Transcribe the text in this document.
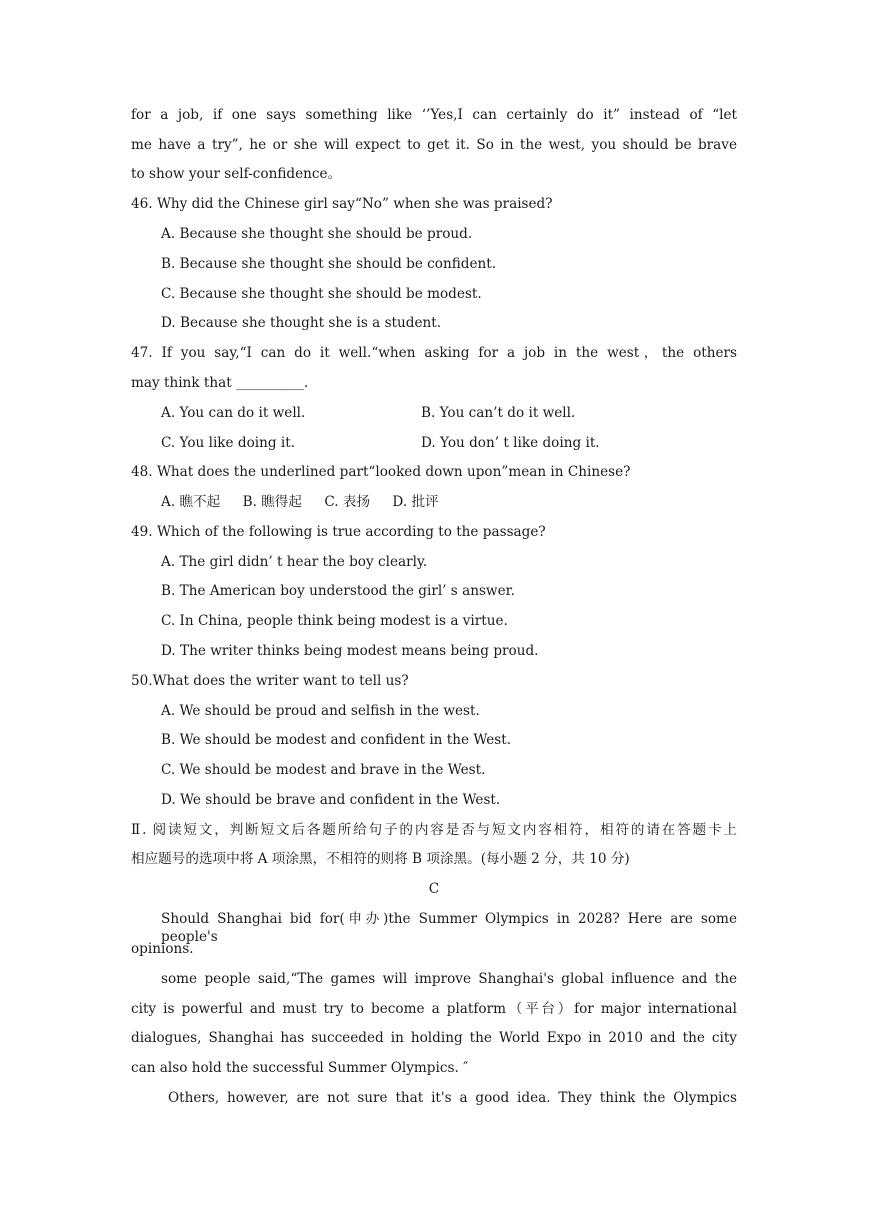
for a job, if one says something like ‘’Yes,I can certainly do it” instead of “let
me have a try”, he or she will expect to get it. So in the west, you should be brave
to show your self-confidence。
46. Why did the Chinese girl say“No” when she was praised?
A. Because she thought she should be proud.
B. Because she thought she should be confident.
C. Because she thought she should be modest.
D. Because she thought she is a student.
47. If you say,“I can do it well.“when asking for a job in the west，the others
may think that __________.
A. You can do it well.	B. You can’t do it well.
C. You like doing it.	D. You don’ t like doing it.
48. What does the underlined part“looked down upon”mean in Chinese?
A. 瞧不起 B. 瞧得起 C. 表扬 D. 批评
49. Which of the following is true according to the passage?
A. The girl didn’ t hear the boy clearly.
B. The American boy understood the girl’ s answer.
C. In China, people think being modest is a virtue.
D. The writer thinks being modest means being proud.
50.What does the writer want to tell us?
A. We should be proud and selfish in the west.
B. We should be modest and confident in the West.
C. We should be modest and brave in the West.
D. We should be brave and confident in the West.
Ⅱ. 阅读短文，判断短文后各题所给句子的内容是否与短文内容相符，相符的请在答题卡上
相应题号的选项中将 A 项涂黑，不相符的则将 B 项涂黑。(每小题 2 分，共 10 分)
C
Should Shanghai bid for(申办)the Summer Olympics in 2028? Here are some people's
opinions.
some people said,“The games will improve Shanghai's global influence and the
city is powerful and must try to become a platform（平台）for major international
dialogues, Shanghai has succeeded in holding the World Expo in 2010 and the city
can also hold the successful Summer Olympics. ″
Others, however, are not sure that it's a good idea. They think the Olympics
